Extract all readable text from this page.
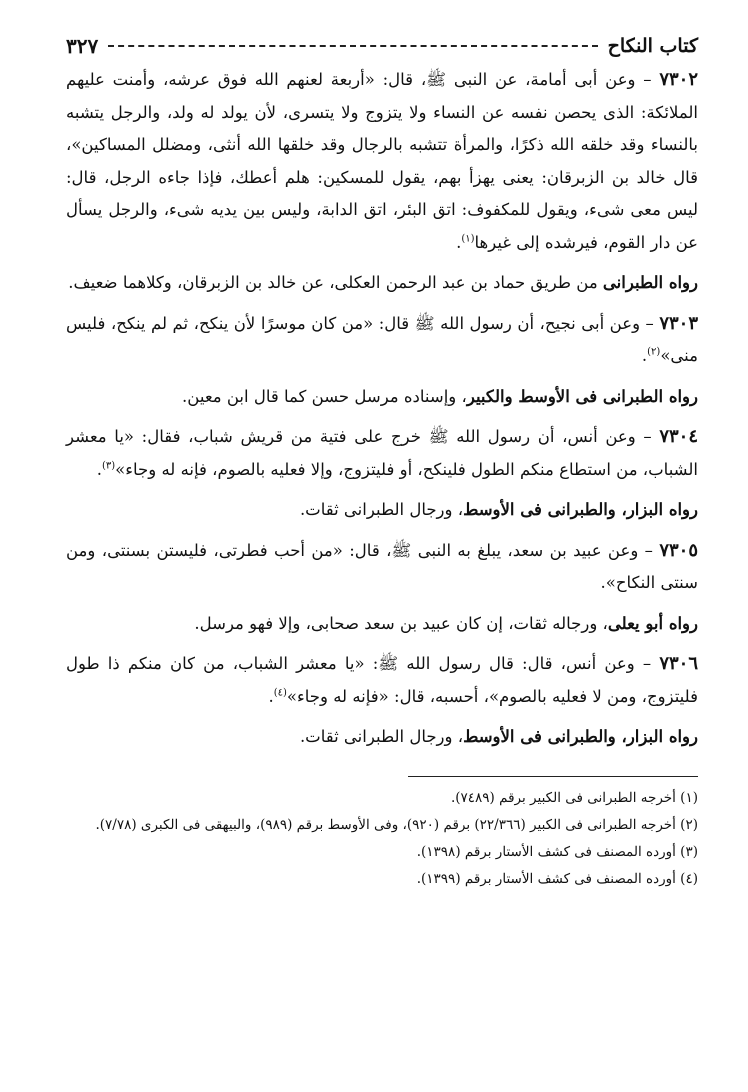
كتاب النكاح
٣٢٧

٧٣٠٢ – وعن أبى أمامة، عن النبى ﷺ، قال: «أربعة لعنهم الله فوق عرشه، وأمنت عليهم الملائكة: الذى يحصن نفسه عن النساء ولا يتزوج ولا يتسرى، لأن يولد له ولد، والرجل يتشبه بالنساء وقد خلقه الله ذكرًا، والمرأة تتشبه بالرجال وقد خلقها الله أنثى، ومضلل المساكين»، قال خالد بن الزبرقان: يعنى يهزأ بهم، يقول للمسكين: هلم أعطك، فإذا جاءه الرجل، قال: ليس معى شىء، ويقول للمكفوف: اتق البئر، اتق الدابة، وليس بين يديه شىء، والرجل يسأل عن دار القوم، فيرشده إلى غيرها$^{(١)}$.

رواه الطبرانى من طريق حماد بن عبد الرحمن العكلى، عن خالد بن الزبرقان، وكلاهما ضعيف.

٧٣٠٣ – وعن أبى نجيح، أن رسول الله ﷺ قال: «من كان موسرًا لأن ينكح، ثم لم ينكح، فليس منى»$^{(٢)}$.

رواه الطبرانى فى الأوسط والكبير، وإسناده مرسل حسن كما قال ابن معين.

٧٣٠٤ – وعن أنس، أن رسول الله ﷺ خرج على فتية من قريش شباب، فقال: «يا معشر الشباب، من استطاع منكم الطول فلينكح، أو فليتزوج، وإلا فعليه بالصوم، فإنه له وجاء»$^{(٣)}$.

رواه البزار، والطبرانى فى الأوسط، ورجال الطبرانى ثقات.

٧٣٠٥ – وعن عبيد بن سعد، يبلغ به النبى ﷺ، قال: «من أحب فطرتى، فليستن بسنتى، ومن سنتى النكاح».

رواه أبو يعلى، ورجاله ثقات، إن كان عبيد بن سعد صحابى، وإلا فهو مرسل.

٧٣٠٦ – وعن أنس، قال: قال رسول الله ﷺ: «يا معشر الشباب، من كان منكم ذا طول فليتزوج، ومن لا فعليه بالصوم»، أحسبه، قال: «فإنه له وجاء»$^{(٤)}$.

رواه البزار، والطبرانى فى الأوسط، ورجال الطبرانى ثقات.

(١) أخرجه الطبرانى فى الكبير برقم (٧٤٨٩).

(٢) أخرجه الطبرانى فى الكبير (٢٢/٣٦٦) برقم (٩٢٠)، وفى الأوسط برقم (٩٨٩)، والبيهقى فى الكبرى (٧/٧٨).

(٣) أورده المصنف فى كشف الأستار برقم (١٣٩٨).

(٤) أورده المصنف فى كشف الأستار برقم (١٣٩٩).
